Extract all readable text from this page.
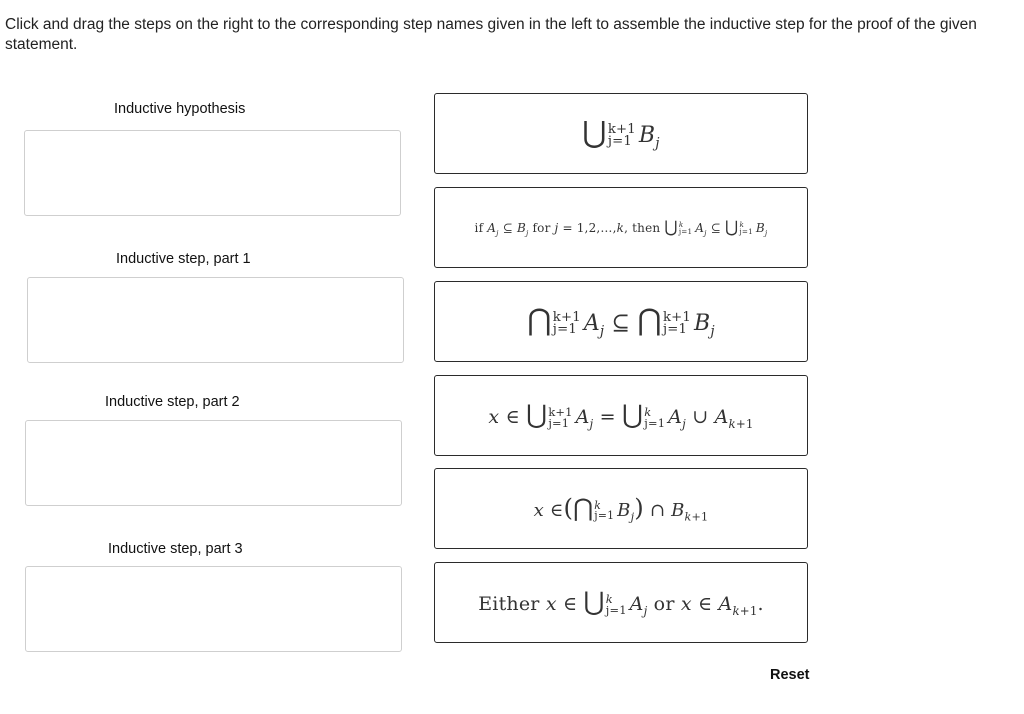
Click and drag the steps on the right to the corresponding step names given in the left to assemble the inductive step for the proof of the given statement.
Inductive hypothesis
Inductive step, part 1
Inductive step, part 2
Inductive step, part 3
⋃ k+1
j=1 $B_j$
if $A_j$ ⊆ $B_j$ for j = 1,2,…,k, then ⋃ k
j=1 $A_j$ ⊆ ⋃ k
j=1 $B_j$
⋂ k+1
j=1 $A_j$ ⊆ ⋂ k+1
j=1 $B_j$
x ∈ ⋃ k+1
j=1 $A_j$ = ⋃ k
j=1 $A_j$ ∪ $A_{k+1}$
x ∈(⋂ k
j=1 $B_j$) ∩ $B_{k+1}$
Either x ∈ ⋃ k
j=1 $A_j$ or x ∈ $A_{k+1}$.
Reset
